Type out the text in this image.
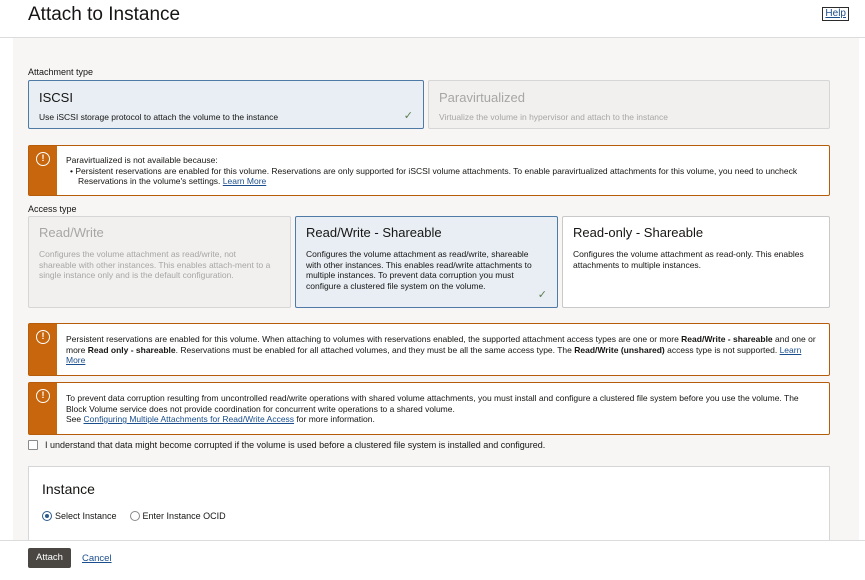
Attach to Instance	Help
Attachment type
ISCSI
Use iSCSI storage protocol to attach the volume to the instance	✓
Paravirtualized
Virtualize the volume in hypervisor and attach to the instance
!	Paravirtualized is not available because:
• Persistent reservations are enabled for this volume. Reservations are only supported for iSCSI volume attachments. To enable paravirtualized attachments for this volume, you need to uncheck Reservations in the volume's settings. Learn More
Access type
Read/Write
Configures the volume attachment as read/write, not shareable with other instances. This enables attach-ment to a single instance only and is the default configuration.
Read/Write - Shareable
Configures the volume attachment as read/write, shareable with other instances. This enables read/write attachments to multiple instances. To prevent data corruption you must configure a clustered file system on the volume.
✓
Read-only - Shareable
Configures the volume attachment as read-only. This enables attachments to multiple instances.
!	Persistent reservations are enabled for this volume. When attaching to volumes with reservations enabled, the supported attachment access types are one or more Read/Write - shareable and one or more Read only - shareable. Reservations must be enabled for all attached volumes, and they must be all the same access type. The Read/Write (unshared) access type is not supported. Learn More
!	To prevent data corruption resulting from uncontrolled read/write operations with shared volume attachments, you must install and configure a clustered file system before you use the volume. The Block Volume service does not provide coordination for concurrent write operations to a shared volume.
See Configuring Multiple Attachments for Read/Write Access for more information.
I understand that data might become corrupted if the volume is used before a clustered file system is installed and configured.
Instance
Select Instance	Enter Instance OCID
Attach	Cancel
